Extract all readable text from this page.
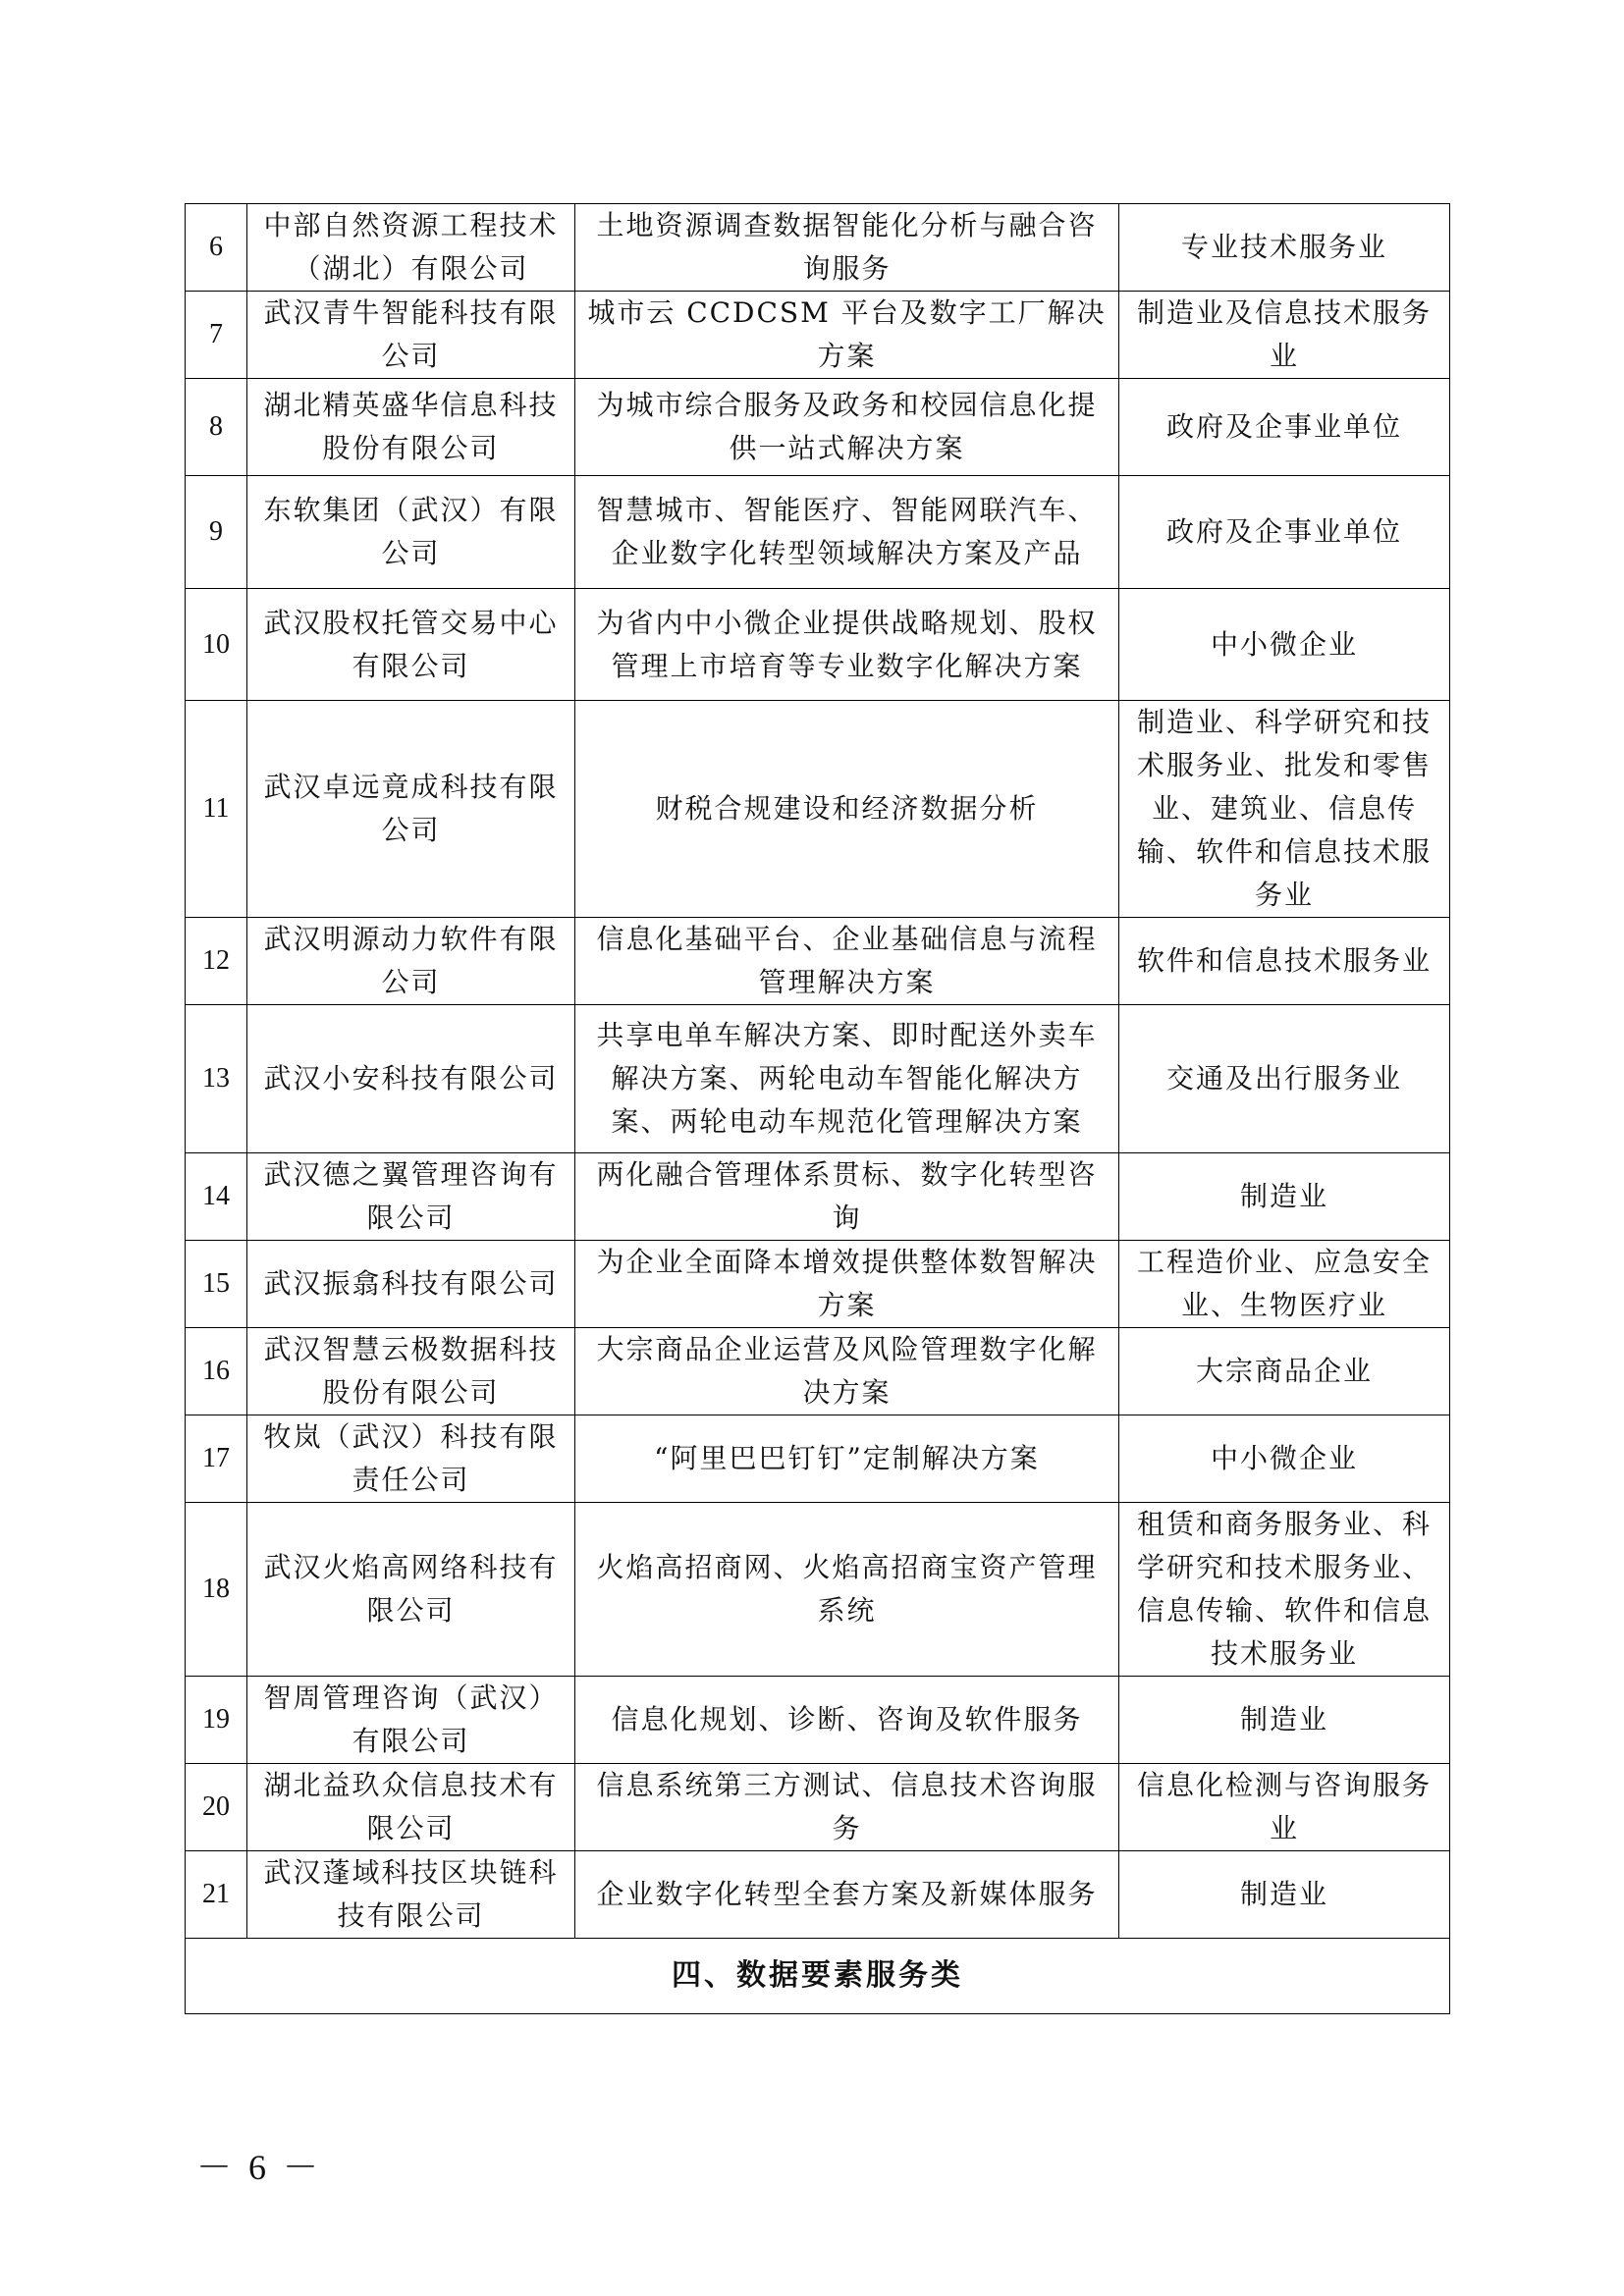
6	中部自然资源工程技术（湖北）有限公司	土地资源调查数据智能化分析与融合咨询服务	专业技术服务业
7	武汉青牛智能科技有限公司	城市云 CCDCSM 平台及数字工厂解决方案	制造业及信息技术服务业
8	湖北精英盛华信息科技股份有限公司	为城市综合服务及政务和校园信息化提供一站式解决方案	政府及企事业单位
9	东软集团（武汉）有限公司	智慧城市、智能医疗、智能网联汽车、企业数字化转型领域解决方案及产品	政府及企事业单位
10	武汉股权托管交易中心有限公司	为省内中小微企业提供战略规划、股权管理上市培育等专业数字化解决方案	中小微企业
11	武汉卓远竟成科技有限公司	财税合规建设和经济数据分析	制造业、科学研究和技术服务业、批发和零售业、建筑业、信息传输、软件和信息技术服务业
12	武汉明源动力软件有限公司	信息化基础平台、企业基础信息与流程管理解决方案	软件和信息技术服务业
13	武汉小安科技有限公司	共享电单车解决方案、即时配送外卖车解决方案、两轮电动车智能化解决方案、两轮电动车规范化管理解决方案	交通及出行服务业
14	武汉德之翼管理咨询有限公司	两化融合管理体系贯标、数字化转型咨询	制造业
15	武汉振翕科技有限公司	为企业全面降本增效提供整体数智解决方案	工程造价业、应急安全业、生物医疗业
16	武汉智慧云极数据科技股份有限公司	大宗商品企业运营及风险管理数字化解决方案	大宗商品企业
17	牧岚（武汉）科技有限责任公司	“阿里巴巴钉钉”定制解决方案	中小微企业
18	武汉火焰高网络科技有限公司	火焰高招商网、火焰高招商宝资产管理系统	租赁和商务服务业、科学研究和技术服务业、信息传输、软件和信息技术服务业
19	智周管理咨询（武汉）有限公司	信息化规划、诊断、咨询及软件服务	制造业
20	湖北益玖众信息技术有限公司	信息系统第三方测试、信息技术咨询服务	信息化检测与咨询服务业
21	武汉蓬域科技区块链科技有限公司	企业数字化转型全套方案及新媒体服务	制造业
四、数据要素服务类			
－ 6 －
